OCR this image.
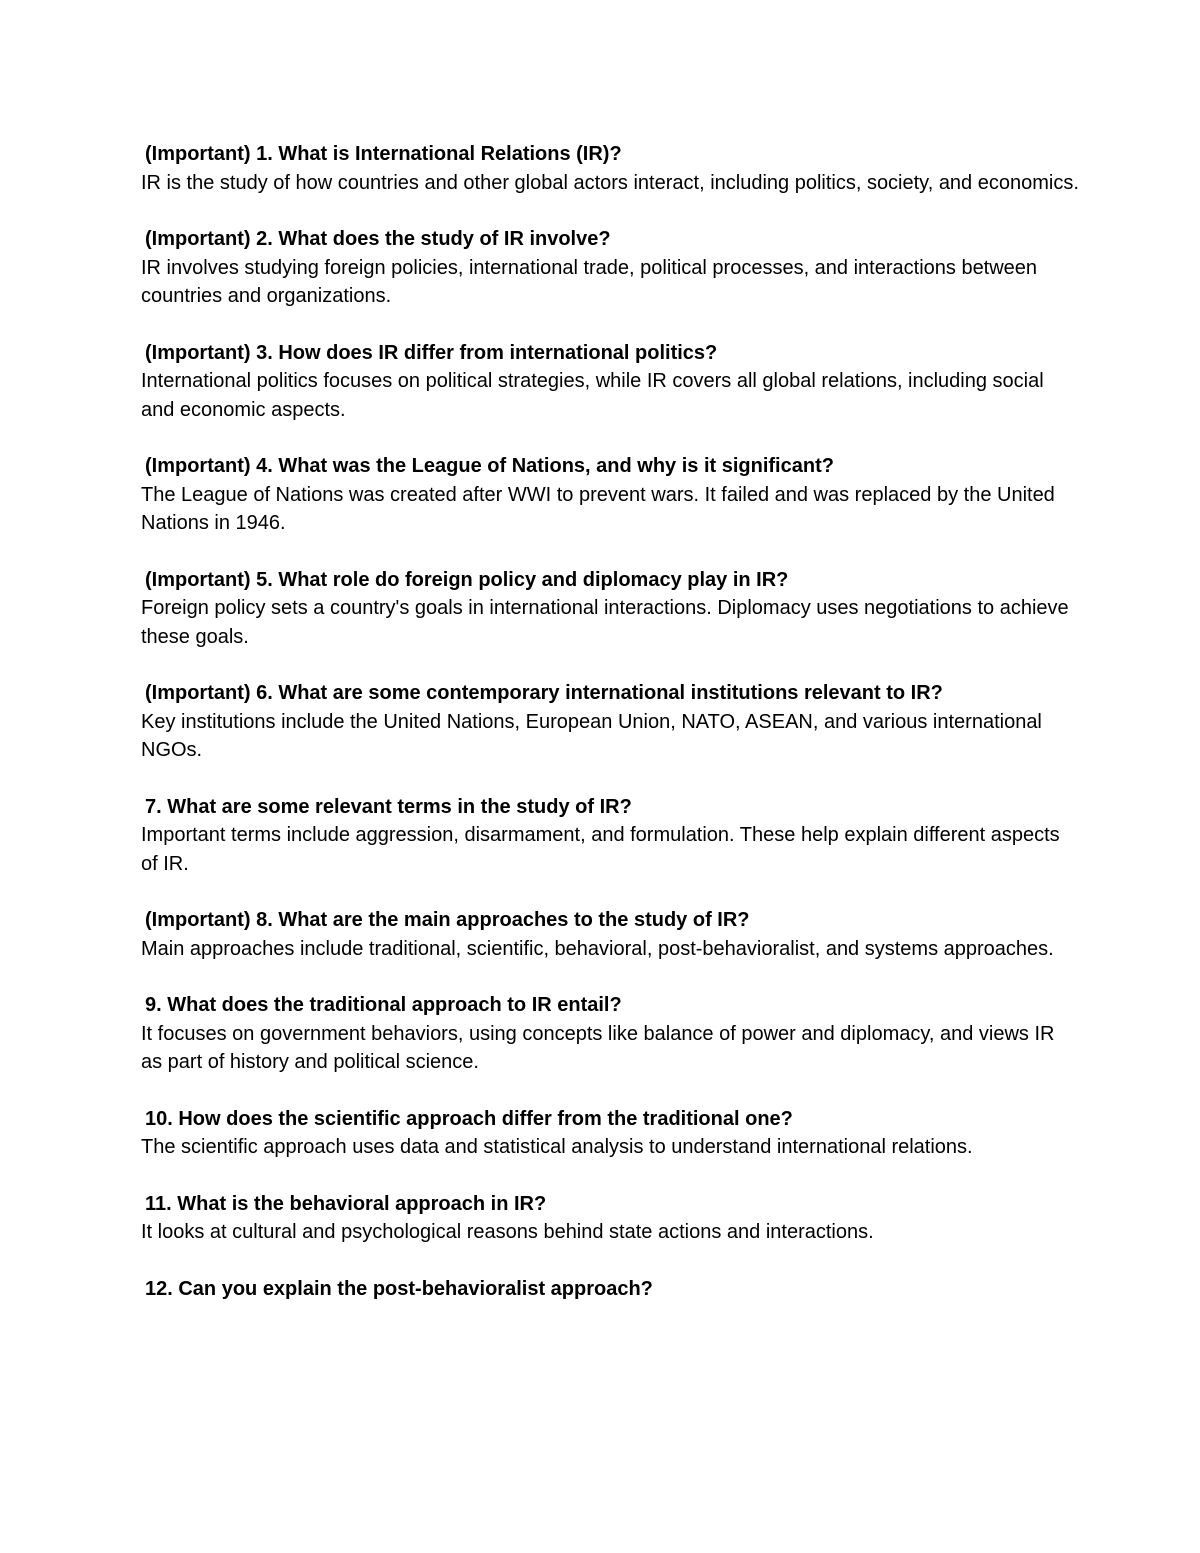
(Important) 1. What is International Relations (IR)?

IR is the study of how countries and other global actors interact, including politics, society, and economics.

(Important) 2. What does the study of IR involve?

IR involves studying foreign policies, international trade, political processes, and interactions between countries and organizations.

(Important) 3. How does IR differ from international politics?

International politics focuses on political strategies, while IR covers all global relations, including social and economic aspects.

(Important) 4. What was the League of Nations, and why is it significant?

The League of Nations was created after WWI to prevent wars. It failed and was replaced by the United Nations in 1946.

(Important) 5. What role do foreign policy and diplomacy play in IR?

Foreign policy sets a country's goals in international interactions. Diplomacy uses negotiations to achieve these goals.

(Important) 6. What are some contemporary international institutions relevant to IR?

Key institutions include the United Nations, European Union, NATO, ASEAN, and various international NGOs.

7. What are some relevant terms in the study of IR?

Important terms include aggression, disarmament, and formulation. These help explain different aspects of IR.

(Important) 8. What are the main approaches to the study of IR?

Main approaches include traditional, scientific, behavioral, post-behavioralist, and systems approaches.

9. What does the traditional approach to IR entail?

It focuses on government behaviors, using concepts like balance of power and diplomacy, and views IR as part of history and political science.

10. How does the scientific approach differ from the traditional one?

The scientific approach uses data and statistical analysis to understand international relations.

11. What is the behavioral approach in IR?

It looks at cultural and psychological reasons behind state actions and interactions.

12. Can you explain the post-behavioralist approach?
